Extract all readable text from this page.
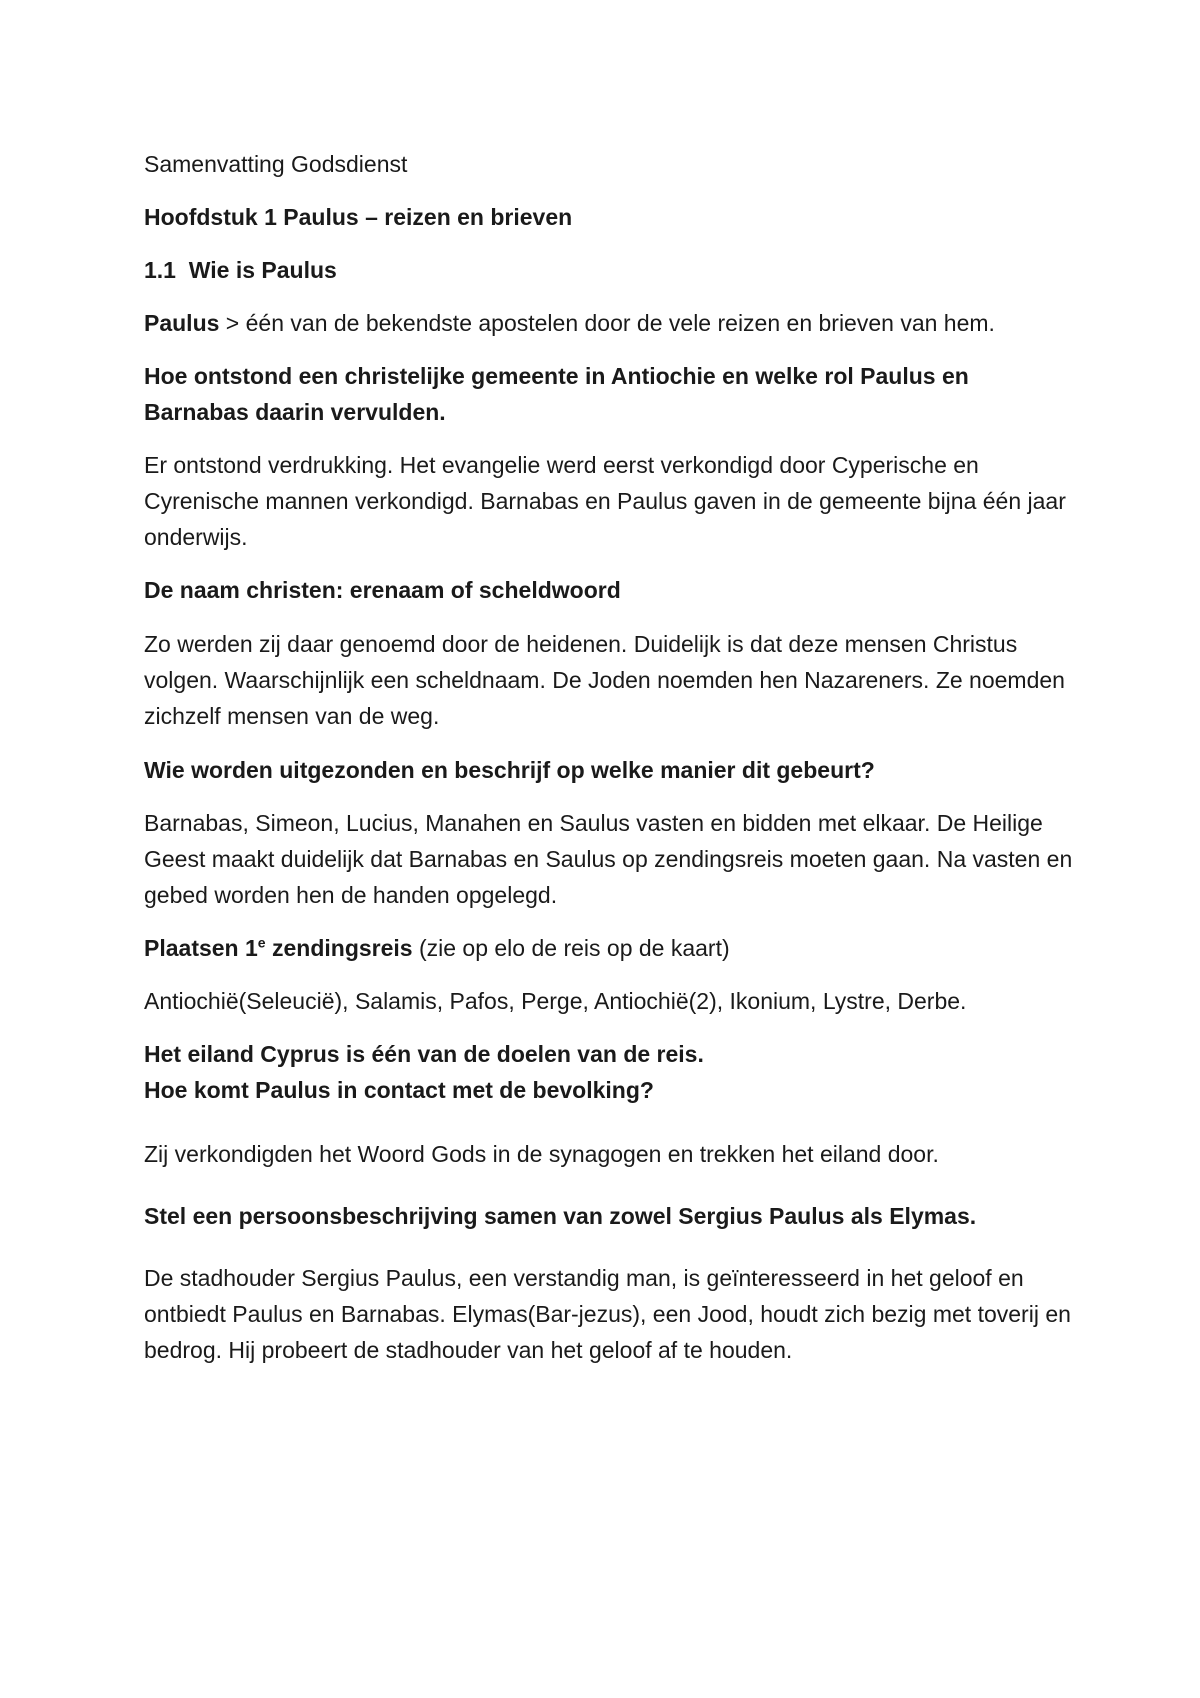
Samenvatting Godsdienst

Hoofdstuk 1 Paulus – reizen en brieven

1.1  Wie is Paulus

Paulus > één van de bekendste apostelen door de vele reizen en brieven van hem.

Hoe ontstond een christelijke gemeente in Antiochie en welke rol Paulus en Barnabas daarin vervulden.

Er ontstond verdrukking. Het evangelie werd eerst verkondigd door Cyperische en Cyrenische mannen verkondigd. Barnabas en Paulus gaven in de gemeente bijna één jaar onderwijs.

De naam christen: erenaam of scheldwoord

Zo werden zij daar genoemd door de heidenen. Duidelijk is dat deze mensen Christus volgen. Waarschijnlijk een scheldnaam. De Joden noemden hen Nazareners. Ze noemden zichzelf mensen van de weg.

Wie worden uitgezonden en beschrijf op welke manier dit gebeurt?

Barnabas, Simeon, Lucius, Manahen en Saulus vasten en bidden met elkaar. De Heilige Geest maakt duidelijk dat Barnabas en Saulus op zendingsreis moeten gaan. Na vasten en gebed worden hen de handen opgelegd.

Plaatsen 1e zendingsreis (zie op elo de reis op de kaart)

Antiochië(Seleucië), Salamis, Pafos, Perge, Antiochië(2), Ikonium, Lystre, Derbe.

Het eiland Cyprus is één van de doelen van de reis.

Hoe komt Paulus in contact met de bevolking?

Zij verkondigden het Woord Gods in de synagogen en trekken het eiland door.

Stel een persoonsbeschrijving samen van zowel Sergius Paulus als Elymas.

De stadhouder Sergius Paulus, een verstandig man, is geïnteresseerd in het geloof en ontbiedt Paulus en Barnabas. Elymas(Bar-jezus), een Jood, houdt zich bezig met toverij en bedrog. Hij probeert de stadhouder van het geloof af te houden.
